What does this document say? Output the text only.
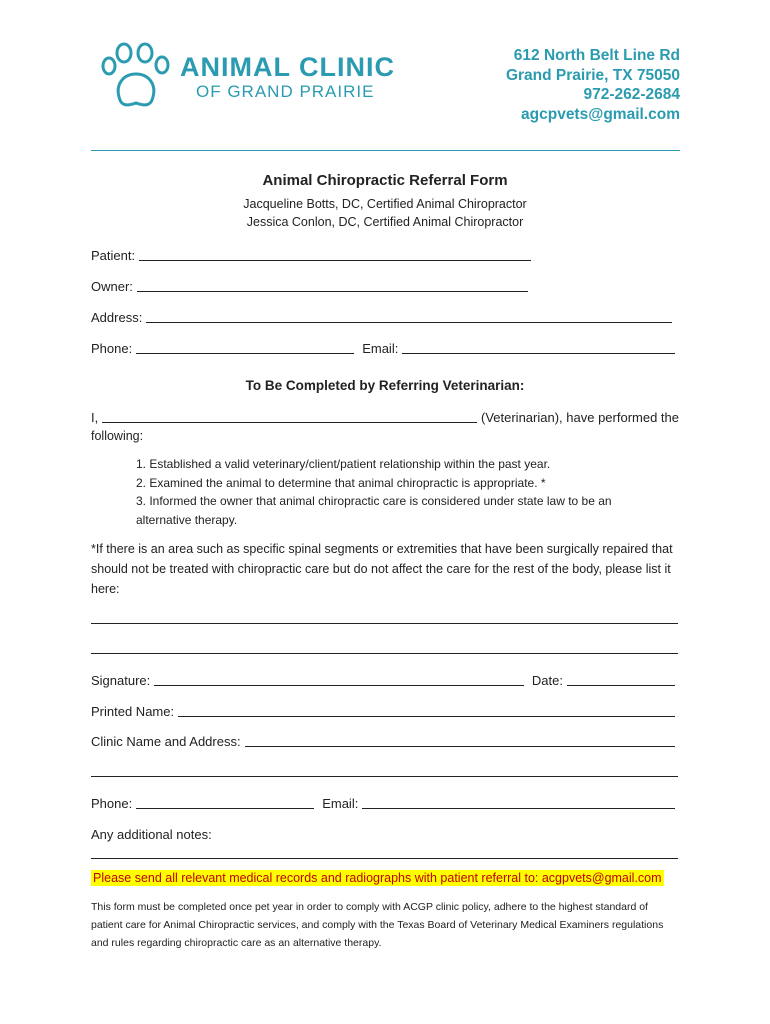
ANIMAL CLINIC
OF GRAND PRAIRIE
612 North Belt Line Rd
Grand Prairie, TX 75050
972-262-2684
agcpvets@gmail.com
Animal Chiropractic Referral Form
Jacqueline Botts, DC, Certified Animal Chiropractor
Jessica Conlon, DC, Certified Animal Chiropractor
Patient:
Owner:
Address:
Phone:	Email:
To Be Completed by Referring Veterinarian:
I,	(Veterinarian), have performed the
following:
1. Established a valid veterinary/client/patient relationship within the past year.
2. Examined the animal to determine that animal chiropractic is appropriate. *
3. Informed the owner that animal chiropractic care is considered under state law to be an alternative therapy.
*If there is an area such as specific spinal segments or extremities that have been surgically repaired that should not be treated with chiropractic care but do not affect the care for the rest of the body, please list it here:
Signature:	Date:
Printed Name:
Clinic Name and Address:
Phone:	Email:
Any additional notes:
Please send all relevant medical records and radiographs with patient referral to: acgpvets@gmail.com
This form must be completed once pet year in order to comply with ACGP clinic policy, adhere to the highest standard of patient care for Animal Chiropractic services, and comply with the Texas Board of Veterinary Medical Examiners regulations and rules regarding chiropractic care as an alternative therapy.
